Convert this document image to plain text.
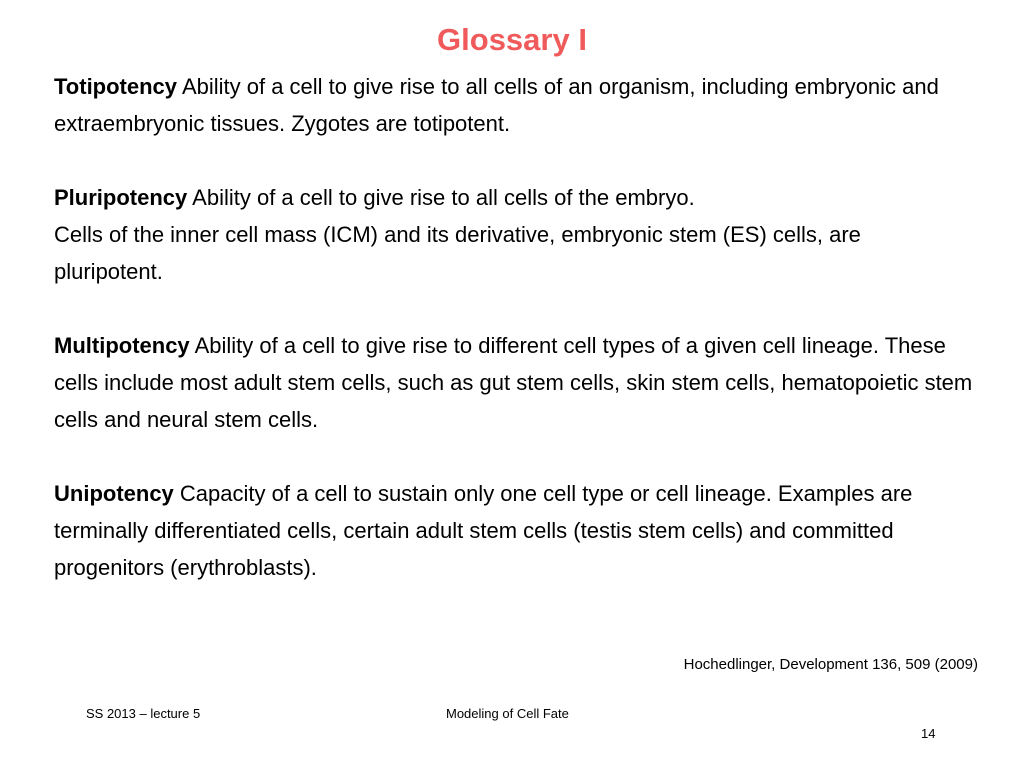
Glossary I

Totipotency Ability of a cell to give rise to all cells of an organism, including embryonic and extraembryonic tissues. Zygotes are totipotent.

Pluripotency Ability of a cell to give rise to all cells of the embryo.
Cells of the inner cell mass (ICM) and its derivative, embryonic stem (ES) cells, are pluripotent.

Multipotency Ability of a cell to give rise to different cell types of a given cell lineage. These cells include most adult stem cells, such as gut stem cells, skin stem cells, hematopoietic stem cells and neural stem cells.

Unipotency Capacity of a cell to sustain only one cell type or cell lineage. Examples are terminally differentiated cells, certain adult stem cells (testis stem cells) and committed progenitors (erythroblasts).

Hochedlinger, Development 136, 509 (2009)
SS 2013 – lecture 5	Modeling of Cell Fate
14
